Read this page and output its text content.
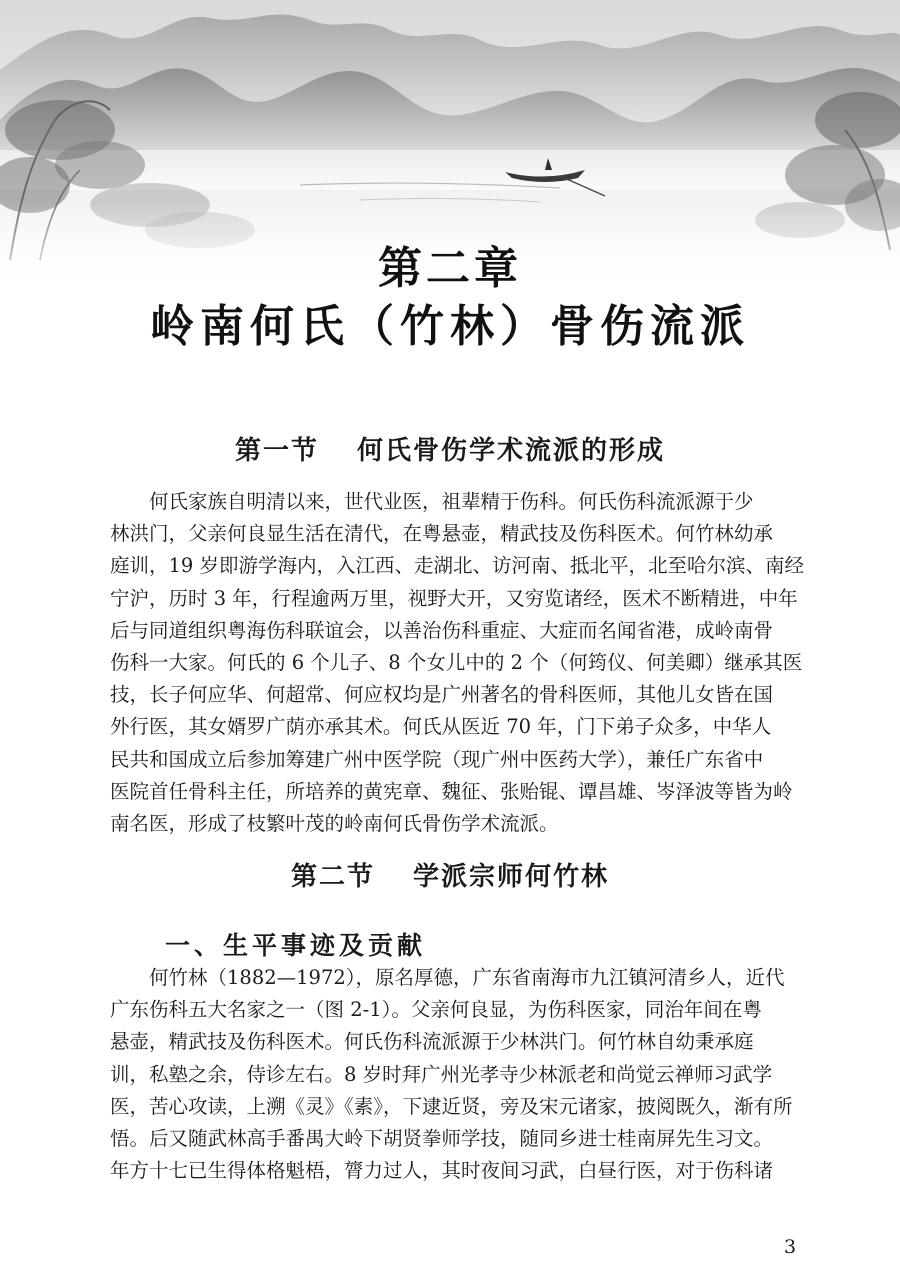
第二章
岭南何氏（竹林）骨伤流派
第一节 何氏骨伤学术流派的形成
何氏家族自明清以来，世代业医，祖辈精于伤科。何氏伤科流派源于少
林洪门，父亲何良显生活在清代，在粤悬壶，精武技及伤科医术。何竹林幼承
庭训，19 岁即游学海内，入江西、走湖北、访河南、抵北平，北至哈尔滨、南经
宁沪，历时 3 年，行程逾两万里，视野大开，又穷览诸经，医术不断精进，中年
后与同道组织粤海伤科联谊会，以善治伤科重症、大症而名闻省港，成岭南骨
伤科一大家。何氏的 6 个儿子、8 个女儿中的 2 个（何筠仪、何美卿）继承其医
技，长子何应华、何超常、何应权均是广州著名的骨科医师，其他儿女皆在国
外行医，其女婿罗广荫亦承其术。何氏从医近 70 年，门下弟子众多，中华人
民共和国成立后参加筹建广州中医学院（现广州中医药大学），兼任广东省中
医院首任骨科主任，所培养的黄宪章、魏征、张贻锟、谭昌雄、岑泽波等皆为岭
南名医，形成了枝繁叶茂的岭南何氏骨伤学术流派。
第二节 学派宗师何竹林
一、生平事迹及贡献
何竹林（1882—1972），原名厚德，广东省南海市九江镇河清乡人，近代
广东伤科五大名家之一（图 2-1）。父亲何良显，为伤科医家，同治年间在粤
悬壶，精武技及伤科医术。何氏伤科流派源于少林洪门。何竹林自幼秉承庭
训，私塾之余，侍诊左右。8 岁时拜广州光孝寺少林派老和尚觉云禅师习武学
医，苦心攻读，上溯《灵》《素》，下逮近贤，旁及宋元诸家，披阅既久，渐有所
悟。后又随武林高手番禺大岭下胡贤拳师学技，随同乡进士桂南屏先生习文。
年方十七已生得体格魁梧，膂力过人，其时夜间习武，白昼行医，对于伤科诸
3
